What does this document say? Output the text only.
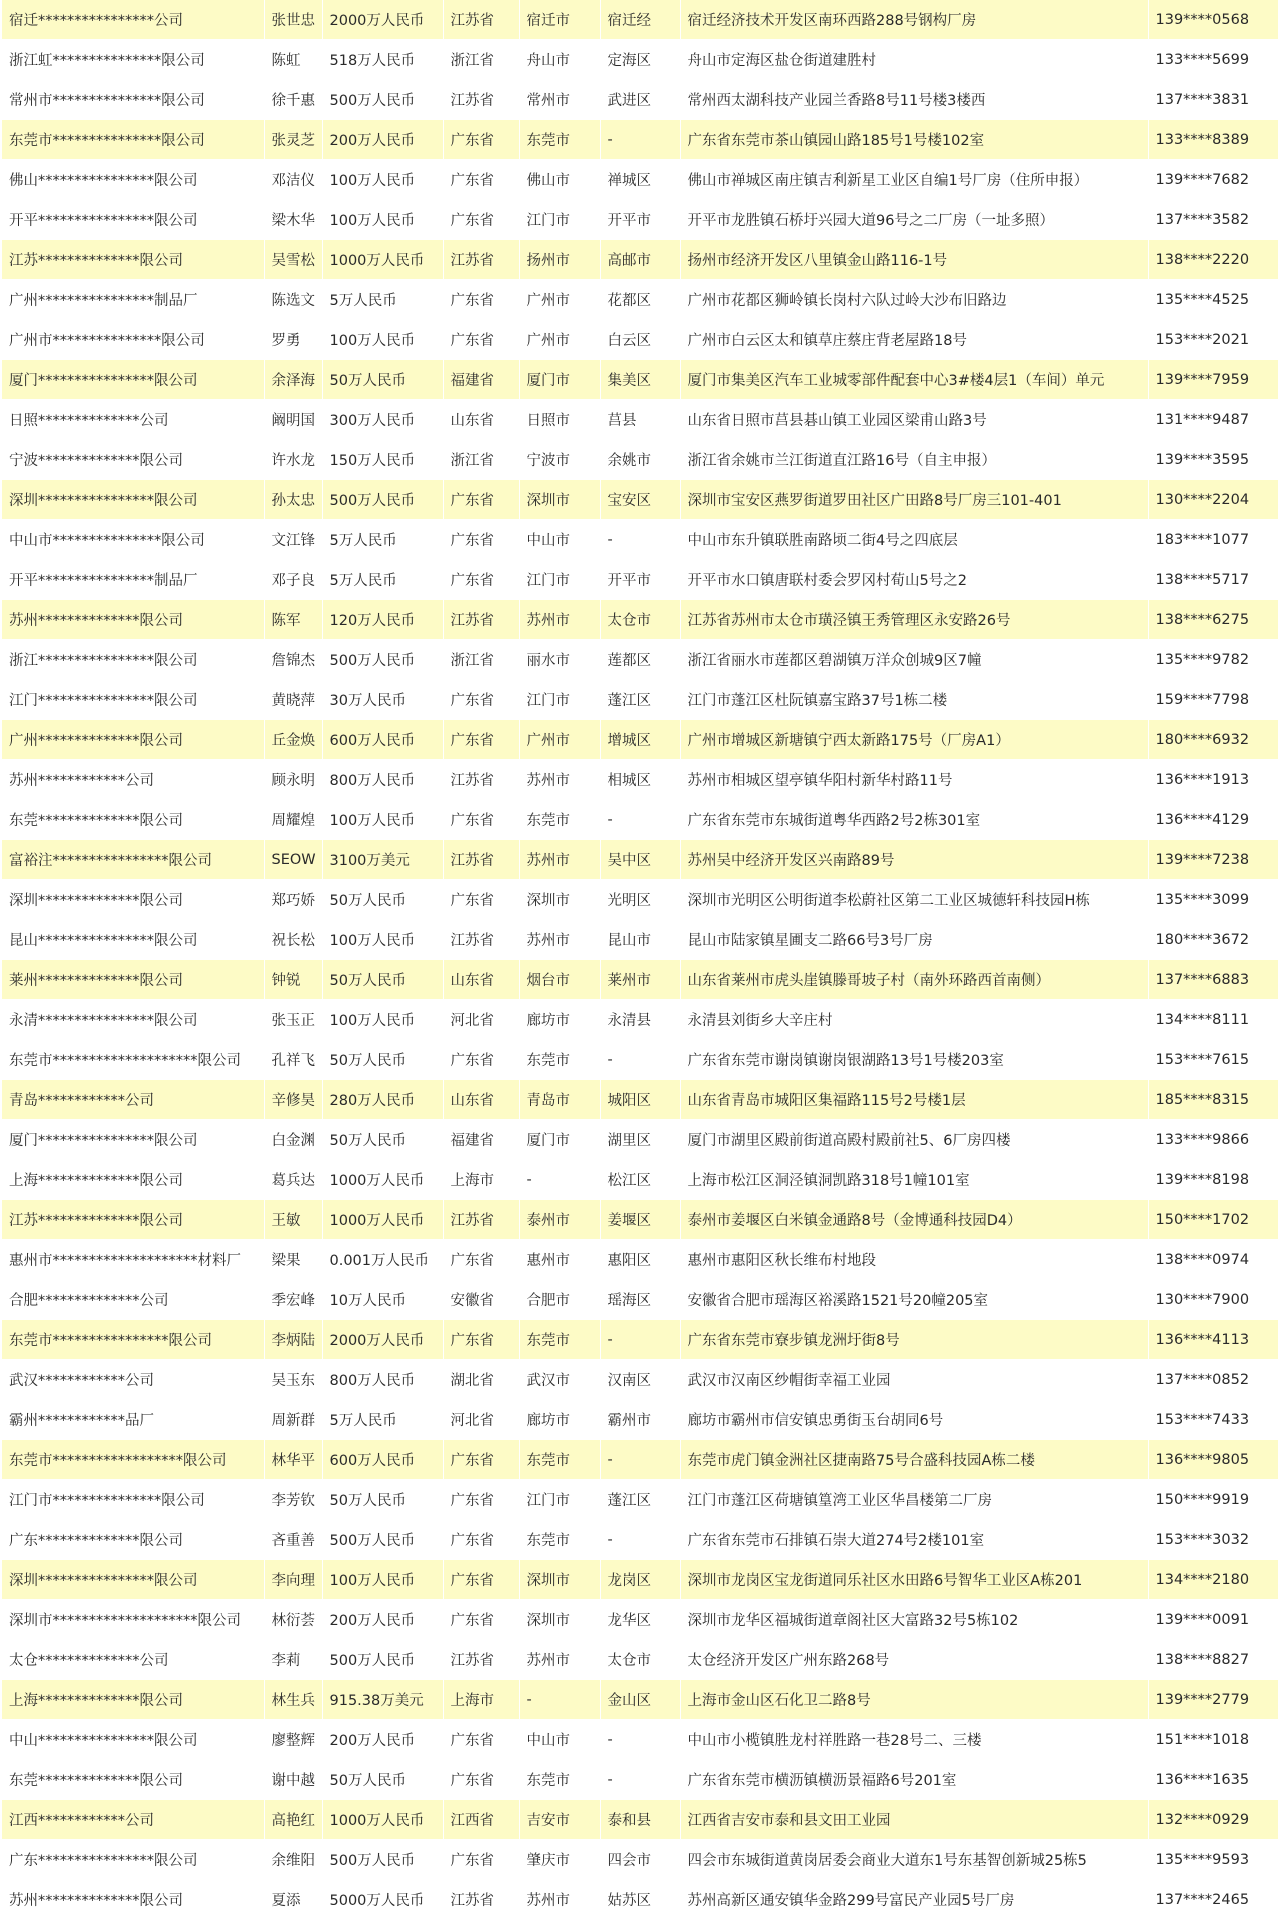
宿迁****************公司	张世忠	2000万人民币	江苏省	宿迁市	宿迁经	宿迁经济技术开发区南环西路288号钢构厂房	139****0568
浙江虹***************限公司	陈虹	518万人民币	浙江省	舟山市	定海区	舟山市定海区盐仓街道建胜村	133****5699
常州市***************限公司	徐千惠	500万人民币	江苏省	常州市	武进区	常州西太湖科技产业园兰香路8号11号楼3楼西	137****3831
东莞市***************限公司	张灵芝	200万人民币	广东省	东莞市	-	广东省东莞市茶山镇园山路185号1号楼102室	133****8389
佛山****************限公司	邓洁仪	100万人民币	广东省	佛山市	禅城区	佛山市禅城区南庄镇吉利新星工业区自编1号厂房（住所申报）	139****7682
开平****************限公司	梁木华	100万人民币	广东省	江门市	开平市	开平市龙胜镇石桥圩兴园大道96号之二厂房（一址多照）	137****3582
江苏**************限公司	吴雪松	1000万人民币	江苏省	扬州市	高邮市	扬州市经济开发区八里镇金山路116-1号	138****2220
广州****************制品厂	陈选文	5万人民币	广东省	广州市	花都区	广州市花都区狮岭镇长岗村六队过岭大沙布旧路边	135****4525
广州市***************限公司	罗勇	100万人民币	广东省	广州市	白云区	广州市白云区太和镇草庄蔡庄背老屋路18号	153****2021
厦门****************限公司	余泽海	50万人民币	福建省	厦门市	集美区	厦门市集美区汽车工业城零部件配套中心3#楼4层1（车间）单元	139****7959
日照**************公司	阚明国	300万人民币	山东省	日照市	莒县	山东省日照市莒县碁山镇工业园区梁甫山路3号	131****9487
宁波**************限公司	许水龙	150万人民币	浙江省	宁波市	余姚市	浙江省余姚市兰江街道直江路16号（自主申报）	139****3595
深圳****************限公司	孙太忠	500万人民币	广东省	深圳市	宝安区	深圳市宝安区燕罗街道罗田社区广田路8号厂房三101-401	130****2204
中山市***************限公司	文江锋	5万人民币	广东省	中山市	-	中山市东升镇联胜南路顷二街4号之四底层	183****1077
开平****************制品厂	邓子良	5万人民币	广东省	江门市	开平市	开平市水口镇唐联村委会罗冈村荀山5号之2	138****5717
苏州**************限公司	陈军	120万人民币	江苏省	苏州市	太仓市	江苏省苏州市太仓市璜泾镇王秀管理区永安路26号	138****6275
浙江****************限公司	詹锦杰	500万人民币	浙江省	丽水市	莲都区	浙江省丽水市莲都区碧湖镇万洋众创城9区7幢	135****9782
江门****************限公司	黄晓萍	30万人民币	广东省	江门市	蓬江区	江门市蓬江区杜阮镇嘉宝路37号1栋二楼	159****7798
广州**************限公司	丘金焕	600万人民币	广东省	广州市	增城区	广州市增城区新塘镇宁西太新路175号（厂房A1）	180****6932
苏州************公司	顾永明	800万人民币	江苏省	苏州市	相城区	苏州市相城区望亭镇华阳村新华村路11号	136****1913
东莞**************限公司	周耀煌	100万人民币	广东省	东莞市	-	广东省东莞市东城街道粤华西路2号2栋301室	136****4129
富裕注****************限公司	SEOW	3100万美元	江苏省	苏州市	吴中区	苏州吴中经济开发区兴南路89号	139****7238
深圳**************限公司	郑巧娇	50万人民币	广东省	深圳市	光明区	深圳市光明区公明街道李松蔚社区第二工业区城德轩科技园H栋	135****3099
昆山****************限公司	祝长松	100万人民币	江苏省	苏州市	昆山市	昆山市陆家镇星圃支二路66号3号厂房	180****3672
莱州**************限公司	钟锐	50万人民币	山东省	烟台市	莱州市	山东省莱州市虎头崖镇滕哥坡子村（南外环路西首南侧）	137****6883
永清****************限公司	张玉正	100万人民币	河北省	廊坊市	永清县	永清县刘街乡大辛庄村	134****8111
东莞市********************限公司	孔祥飞	50万人民币	广东省	东莞市	-	广东省东莞市谢岗镇谢岗银湖路13号1号楼203室	153****7615
青岛************公司	辛修昊	280万人民币	山东省	青岛市	城阳区	山东省青岛市城阳区集福路115号2号楼1层	185****8315
厦门****************限公司	白金渊	50万人民币	福建省	厦门市	湖里区	厦门市湖里区殿前街道高殿村殿前社5、6厂房四楼	133****9866
上海**************限公司	葛兵达	1000万人民币	上海市	-	松江区	上海市松江区洞泾镇洞凯路318号1幢101室	139****8198
江苏**************限公司	王敏	1000万人民币	江苏省	泰州市	姜堰区	泰州市姜堰区白米镇金通路8号（金博通科技园D4）	150****1702
惠州市********************材料厂	梁果	0.001万人民币	广东省	惠州市	惠阳区	惠州市惠阳区秋长维布村地段	138****0974
合肥**************公司	季宏峰	10万人民币	安徽省	合肥市	瑶海区	安徽省合肥市瑶海区裕溪路1521号20幢205室	130****7900
东莞市****************限公司	李炳陆	2000万人民币	广东省	东莞市	-	广东省东莞市寮步镇龙洲圩街8号	136****4113
武汉************公司	吴玉东	800万人民币	湖北省	武汉市	汉南区	武汉市汉南区纱帽街幸福工业园	137****0852
霸州************品厂	周新群	5万人民币	河北省	廊坊市	霸州市	廊坊市霸州市信安镇忠勇街玉台胡同6号	153****7433
东莞市******************限公司	林华平	600万人民币	广东省	东莞市	-	东莞市虎门镇金洲社区捷南路75号合盛科技园A栋二楼	136****9805
江门市***************限公司	李芳钦	50万人民币	广东省	江门市	蓬江区	江门市蓬江区荷塘镇篁湾工业区华昌楼第二厂房	150****9919
广东**************限公司	吝重善	500万人民币	广东省	东莞市	-	广东省东莞市石排镇石崇大道274号2楼101室	153****3032
深圳****************限公司	李向理	100万人民币	广东省	深圳市	龙岗区	深圳市龙岗区宝龙街道同乐社区水田路6号智华工业区A栋201	134****2180
深圳市********************限公司	林衍荟	200万人民币	广东省	深圳市	龙华区	深圳市龙华区福城街道章阁社区大富路32号5栋102	139****0091
太仓**************公司	李莉	500万人民币	江苏省	苏州市	太仓市	太仓经济开发区广州东路268号	138****8827
上海**************限公司	林生兵	915.38万美元	上海市	-	金山区	上海市金山区石化卫二路8号	139****2779
中山****************限公司	廖整辉	200万人民币	广东省	中山市	-	中山市小榄镇胜龙村祥胜路一巷28号二、三楼	151****1018
东莞**************限公司	谢中越	50万人民币	广东省	东莞市	-	广东省东莞市横沥镇横沥景福路6号201室	136****1635
江西************公司	高艳红	1000万人民币	江西省	吉安市	泰和县	江西省吉安市泰和县文田工业园	132****0929
广东****************限公司	余维阳	500万人民币	广东省	肇庆市	四会市	四会市东城街道黄岗居委会商业大道东1号东基智创新城25栋5	135****9593
苏州**************限公司	夏添	5000万人民币	江苏省	苏州市	姑苏区	苏州高新区通安镇华金路299号富民产业园5号厂房	137****2465
